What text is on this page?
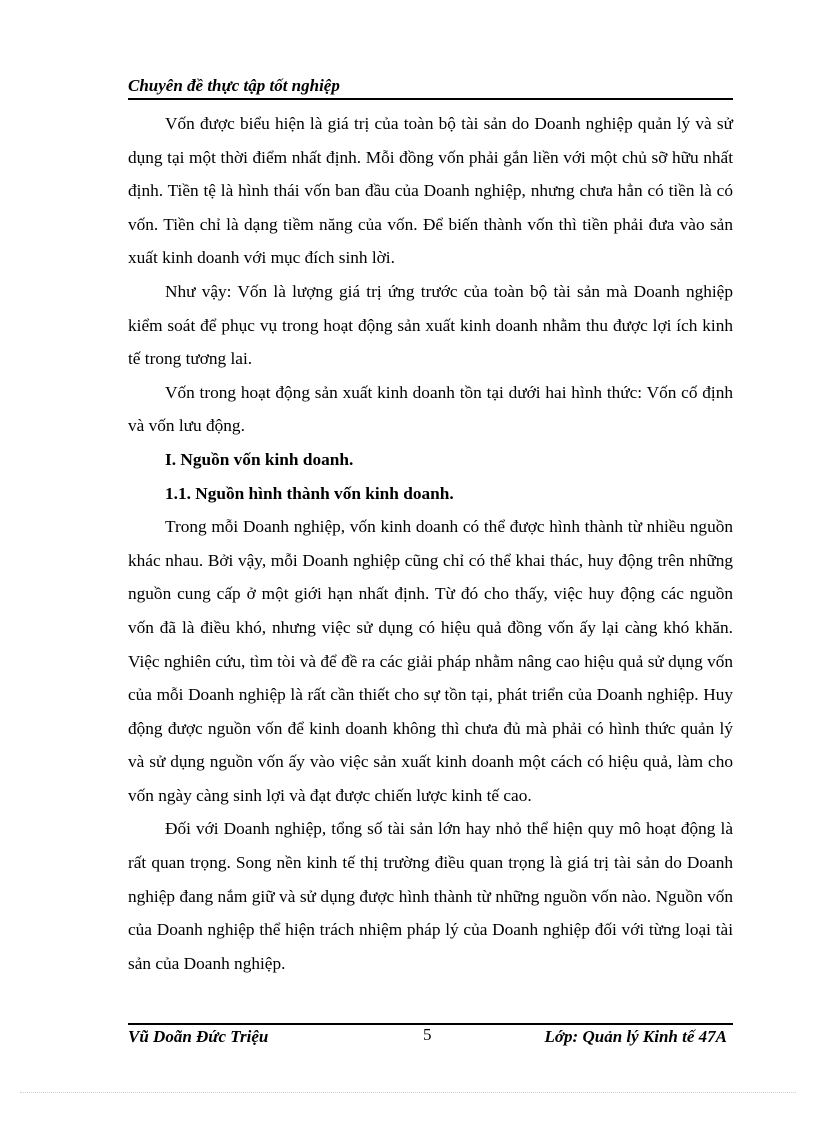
Chuyên đề thực tập tốt nghiệp

Vốn được biểu hiện là giá trị của toàn bộ tài sản do Doanh nghiệp quản lý và sử dụng tại một thời điểm nhất định. Mỗi đồng vốn phải gắn liền với một chủ sỡ hữu nhất định. Tiền tệ là hình thái vốn ban đầu của Doanh nghiệp, nhưng chưa hẳn có tiền là có vốn. Tiền chỉ là dạng tiềm năng của vốn. Để biến thành vốn thì tiền phải đưa vào sản xuất kinh doanh với mục đích sinh lời.

Như vậy: Vốn là lượng giá trị ứng trước của toàn bộ tài sản mà Doanh nghiệp kiểm soát để phục vụ trong hoạt động sản xuất kinh doanh nhằm thu được lợi ích kinh tế trong tương lai.

Vốn trong hoạt động sản xuất kinh doanh tồn tại dưới hai hình thức: Vốn cố định và vốn lưu động.

I. Nguồn vốn kinh doanh.

1.1. Nguồn hình thành vốn kinh doanh.

Trong mỗi Doanh nghiệp, vốn kinh doanh có thể được hình thành từ nhiều nguồn khác nhau. Bởi vậy, mỗi Doanh nghiệp cũng chỉ có thể khai thác, huy động trên những nguồn cung cấp ở một giới hạn nhất định. Từ đó cho thấy, việc huy động các nguồn vốn đã là điều khó, nhưng việc sử dụng có hiệu quả đồng vốn ấy lại càng khó khăn. Việc nghiên cứu, tìm tòi và để đề ra các giải pháp nhằm nâng cao hiệu quả sử dụng vốn của mỗi Doanh nghiệp là rất cần thiết cho sự tồn tại, phát triển của Doanh nghiệp. Huy động được nguồn vốn để kinh doanh không thì chưa đủ mà phải có hình thức quản lý và sử dụng nguồn vốn ấy vào việc sản xuất kinh doanh một cách có hiệu quả, làm cho vốn ngày càng sinh lợi và đạt được chiến lược kinh tế cao.

Đối với Doanh nghiệp, tổng số tài sản lớn hay nhỏ thể hiện quy mô hoạt động là rất quan trọng. Song nền kinh tế thị trường điều quan trọng là giá trị tài sản do Doanh nghiệp đang nắm giữ và sử dụng được hình thành từ những nguồn vốn nào. Nguồn vốn của Doanh nghiệp thể hiện trách nhiệm pháp lý của Doanh nghiệp đối với từng loại tài sản của Doanh nghiệp.

Vũ Doãn Đức Triệu	5	Lớp: Quản lý Kinh tế 47A
